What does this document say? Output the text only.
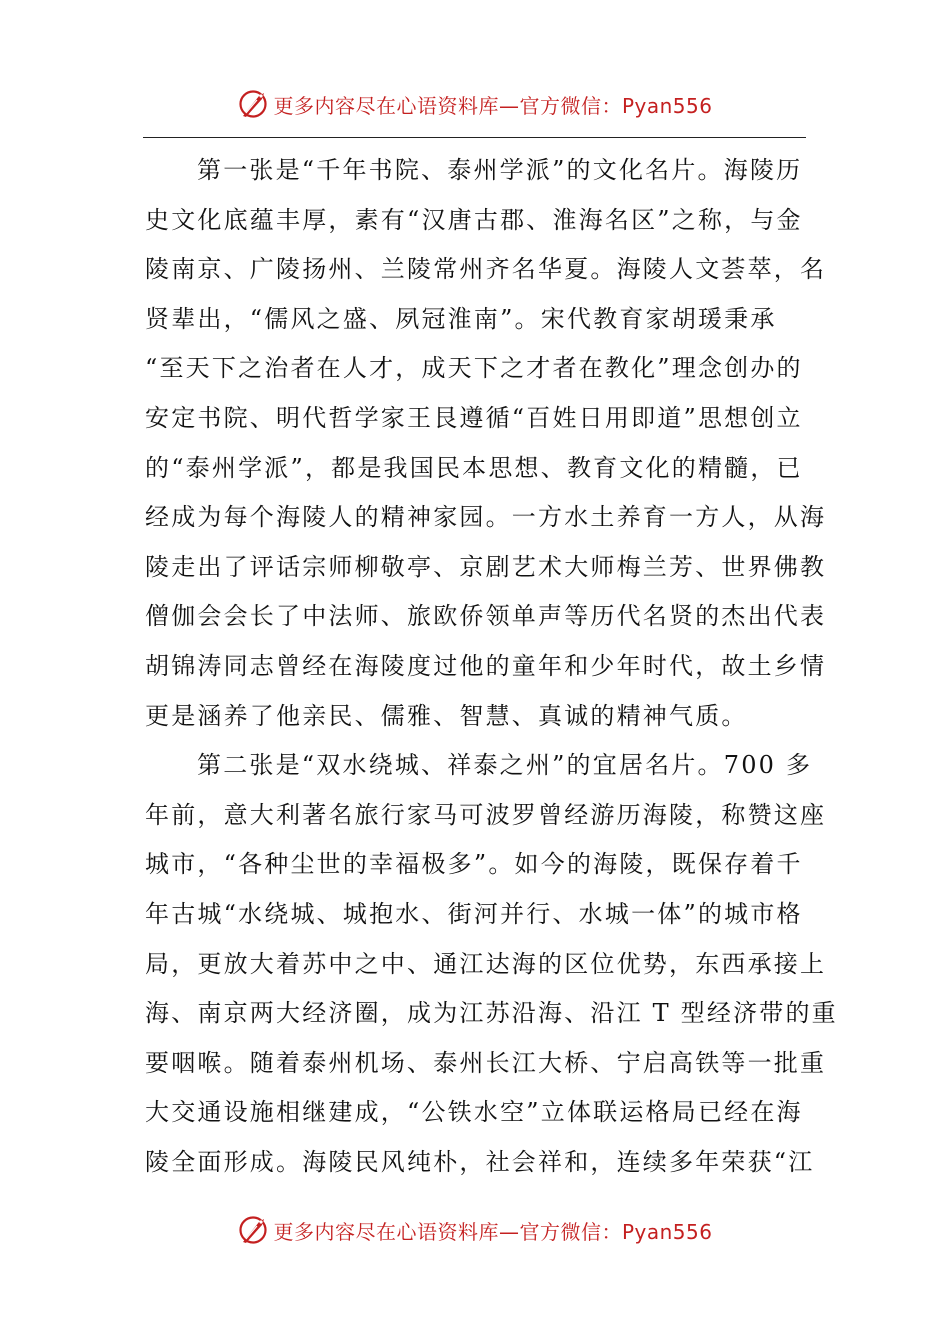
更多内容尽在心语资料库—官方微信：Pyan556
第一张是“千年书院、泰州学派”的文化名片。海陵历
史文化底蕴丰厚，素有“汉唐古郡、淮海名区”之称，与金
陵南京、广陵扬州、兰陵常州齐名华夏。海陵人文荟萃，名
贤辈出，“儒风之盛、夙冠淮南”。宋代教育家胡瑗秉承
“至天下之治者在人才，成天下之才者在教化”理念创办的
安定书院、明代哲学家王艮遵循“百姓日用即道”思想创立
的“泰州学派”，都是我国民本思想、教育文化的精髓，已
经成为每个海陵人的精神家园。一方水土养育一方人，从海
陵走出了评话宗师柳敬亭、京剧艺术大师梅兰芳、世界佛教
僧伽会会长了中法师、旅欧侨领单声等历代名贤的杰出代表
胡锦涛同志曾经在海陵度过他的童年和少年时代，故土乡情
更是涵养了他亲民、儒雅、智慧、真诚的精神气质。
第二张是“双水绕城、祥泰之州”的宜居名片。700 多
年前，意大利著名旅行家马可波罗曾经游历海陵，称赞这座
城市，“各种尘世的幸福极多”。如今的海陵，既保存着千
年古城“水绕城、城抱水、街河并行、水城一体”的城市格
局，更放大着苏中之中、通江达海的区位优势，东西承接上
海、南京两大经济圈，成为江苏沿海、沿江 T 型经济带的重
要咽喉。随着泰州机场、泰州长江大桥、宁启高铁等一批重
大交通设施相继建成，“公铁水空”立体联运格局已经在海
陵全面形成。海陵民风纯朴，社会祥和，连续多年荣获“江
更多内容尽在心语资料库—官方微信：Pyan556
